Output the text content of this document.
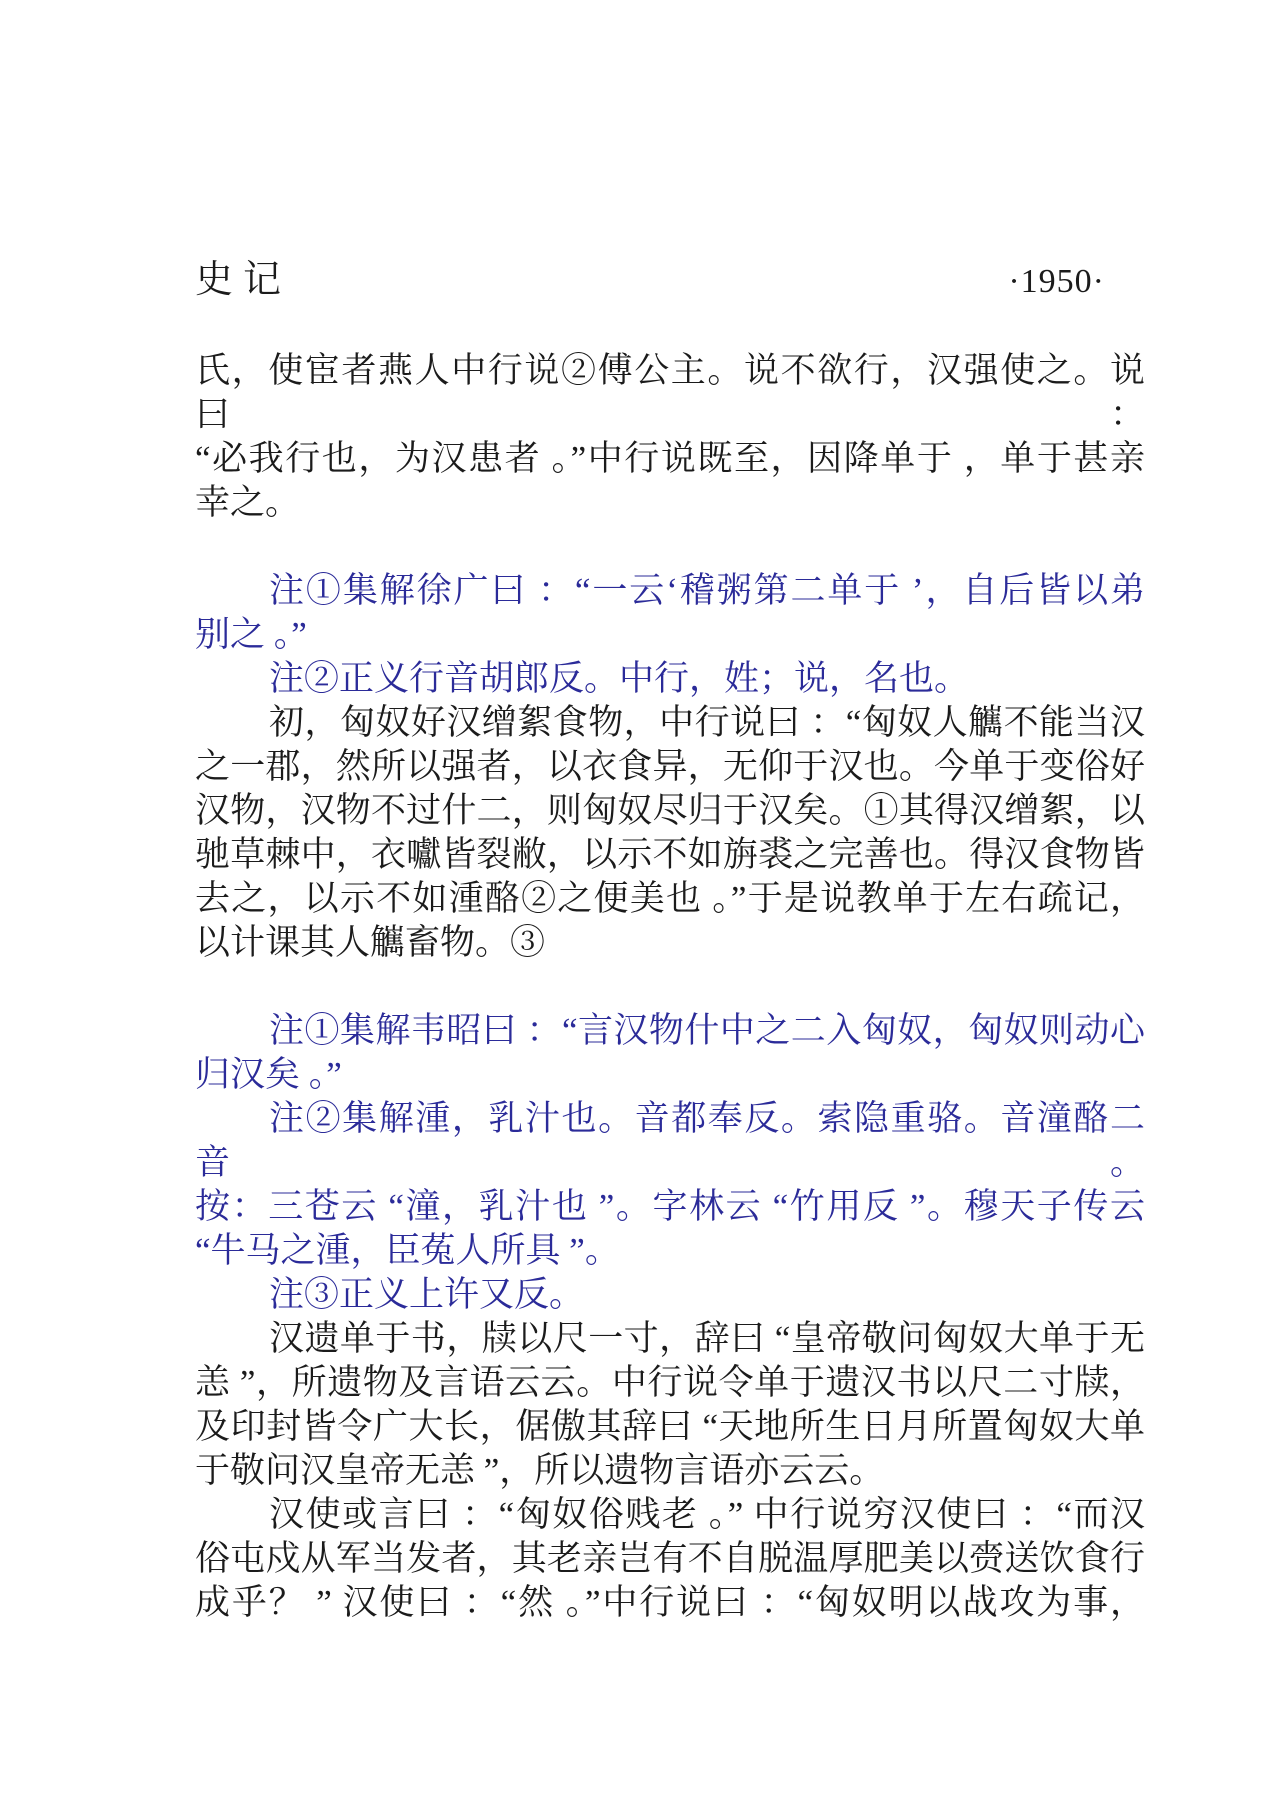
史记	·1950·
氏，使宦者燕人中行说②傅公主。说不欲行，汉强使之。说曰：
“必我行也，为汉患者 。”中行说既至，因降单于 ，单于甚亲
幸之。
注①集解徐广曰 ：“一云‘稽粥第二单于 ’，自后皆以弟
别之 。”
注②正义行音胡郎反。中行，姓；说，名也。
初，匈奴好汉缯絮食物，中行说曰 ：“匈奴人觽不能当汉
之一郡，然所以强者，以衣食异，无仰于汉也。今单于变俗好
汉物，汉物不过什二，则匈奴尽归于汉矣。①其得汉缯絮，以
驰草棘中，衣囐皆裂敝，以示不如旃裘之完善也。得汉食物皆
去之，以示不如湩酪②之便美也 。”于是说教单于左右疏记，
以计课其人觽畜物。③
注①集解韦昭曰 ：“言汉物什中之二入匈奴，匈奴则动心
归汉矣 。”
注②集解湩，乳汁也。音都奉反。索隐重骆。音潼酪二音。
按：三苍云 “潼，乳汁也 ”。字林云 “竹用反 ”。穆天子传云
“牛马之湩，臣菟人所具 ”。
注③正义上许又反。
汉遗单于书，牍以尺一寸，辞曰 “皇帝敬问匈奴大单于无
恙 ”，所遗物及言语云云。中行说令单于遗汉书以尺二寸牍，
及印封皆令广大长，倨傲其辞曰 “天地所生日月所置匈奴大单
于敬问汉皇帝无恙 ”，所以遗物言语亦云云。
汉使或言曰 ：“匈奴俗贱老 。” 中行说穷汉使曰 ：“而汉
俗屯戍从军当发者，其老亲岂有不自脱温厚肥美以赍送饮食行
成乎？ ” 汉使曰 ：“然 。”中行说曰 ：“匈奴明以战攻为事，
